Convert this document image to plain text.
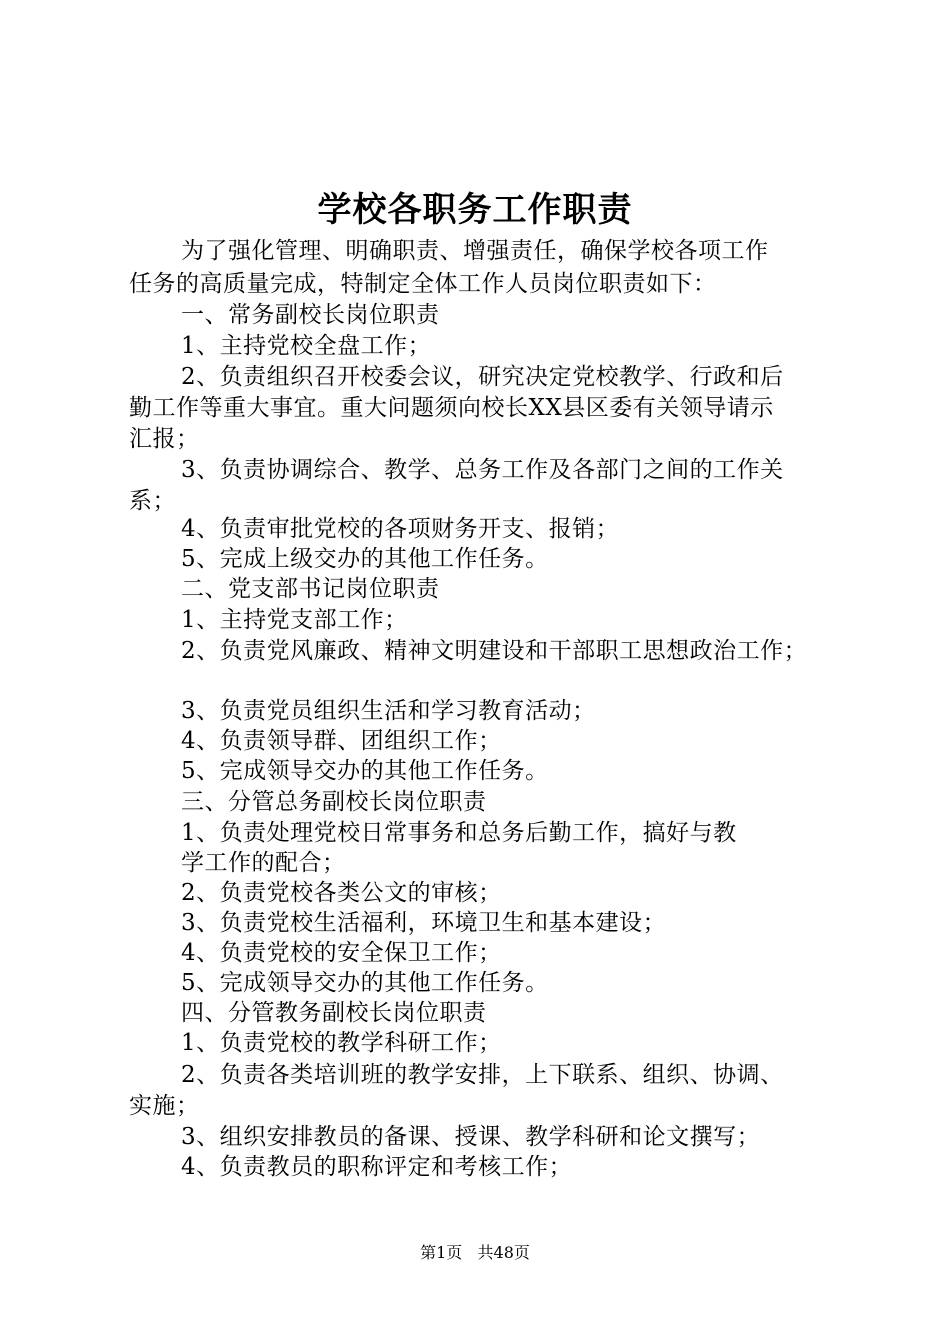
学校各职务工作职责
为了强化管理、明确职责、增强责任，确保学校各项工作
任务的高质量完成，特制定全体工作人员岗位职责如下：
一、常务副校长岗位职责
1、主持党校全盘工作；
2、负责组织召开校委会议，研究决定党校教学、行政和后
勤工作等重大事宜。重大问题须向校长XX县区委有关领导请示
汇报；
3、负责协调综合、教学、总务工作及各部门之间的工作关
系；
4、负责审批党校的各项财务开支、报销；
5、完成上级交办的其他工作任务。
二、党支部书记岗位职责
1、主持党支部工作；
2、负责党风廉政、精神文明建设和干部职工思想政治工作；
3、负责党员组织生活和学习教育活动；
4、负责领导群、团组织工作；
5、完成领导交办的其他工作任务。
三、分管总务副校长岗位职责
1、负责处理党校日常事务和总务后勤工作，搞好与教
学工作的配合；
2、负责党校各类公文的审核；
3、负责党校生活福利，环境卫生和基本建设；
4、负责党校的安全保卫工作；
5、完成领导交办的其他工作任务。
四、分管教务副校长岗位职责
1、负责党校的教学科研工作；
2、负责各类培训班的教学安排，上下联系、组织、协调、
实施；
3、组织安排教员的备课、授课、教学科研和论文撰写；
4、负责教员的职称评定和考核工作；
第1页 共48页
